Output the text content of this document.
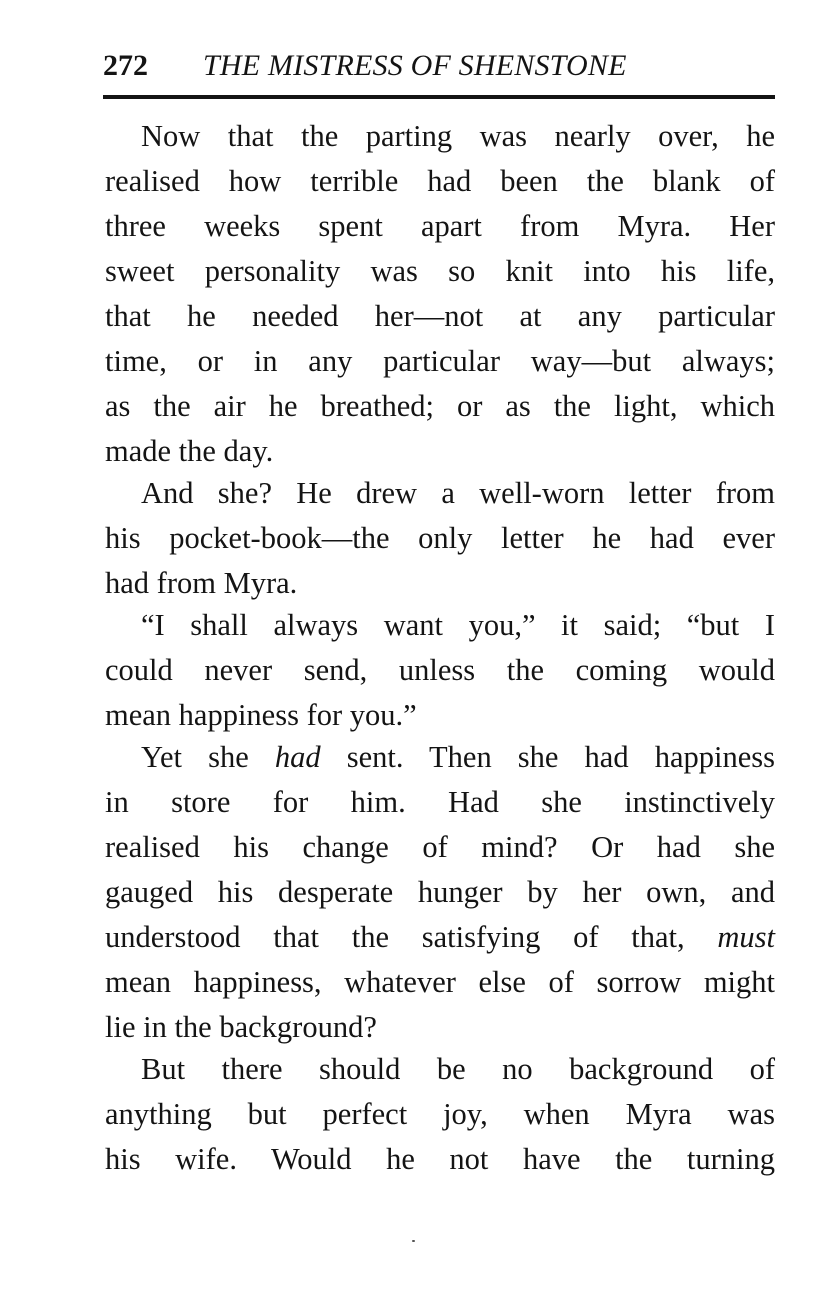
272 THE MISTRESS OF SHENSTONE
Now that the parting was nearly over, he
realised how terrible had been the blank of
three weeks spent apart from Myra. Her
sweet personality was so knit into his life,
that he needed her—not at any particular
time, or in any particular way—but always;
as the air he breathed; or as the light, which
made the day.
And she? He drew a well-worn letter from
his pocket-book—the only letter he had ever
had from Myra.
“I shall always want you,” it said; “but I
could never send, unless the coming would
mean happiness for you.”
Yet she had sent. Then she had happiness
in store for him. Had she instinctively
realised his change of mind? Or had she
gauged his desperate hunger by her own, and
understood that the satisfying of that, must
mean happiness, whatever else of sorrow might
lie in the background?
But there should be no background of
anything but perfect joy, when Myra was
his wife. Would he not have the turning
